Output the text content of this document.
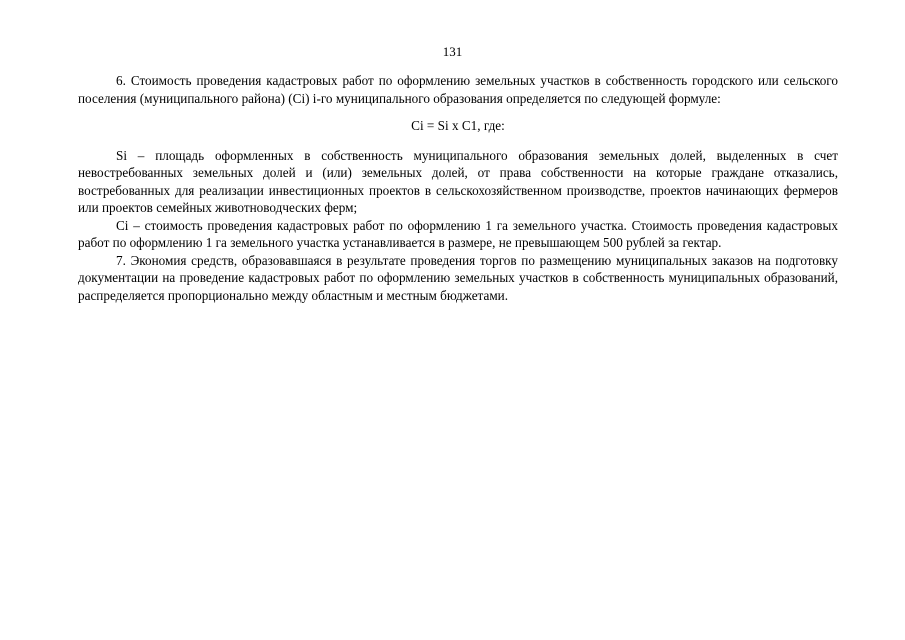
131

6. Стоимость проведения кадастровых работ по оформлению земельных участков в собственность городского или сельского поселения (муниципального района) (Ci) i-го муниципального образования определяется по следующей формуле:

Ci = Si x C1, где:

Si – площадь оформленных в собственность муниципального образования земельных долей, выделенных в счет невостребованных земельных долей и (или) земельных долей, от права собственности на которые граждане отказались, востребованных для реализации инвестиционных проектов в сельскохозяйственном производстве, проектов начинающих фермеров или проектов семейных животноводческих ферм;

Ci – стоимость проведения кадастровых работ по оформлению 1 га земельного участка. Стоимость проведения кадастровых работ по оформлению 1 га земельного участка устанавливается в размере, не превышающем 500 рублей за гектар.

7. Экономия средств, образовавшаяся в результате проведения торгов по размещению муниципальных заказов на подготовку документации на проведение кадастровых работ по оформлению земельных участков в собственность муниципальных образований, распределяется пропорционально между областным и местным бюджетами.
